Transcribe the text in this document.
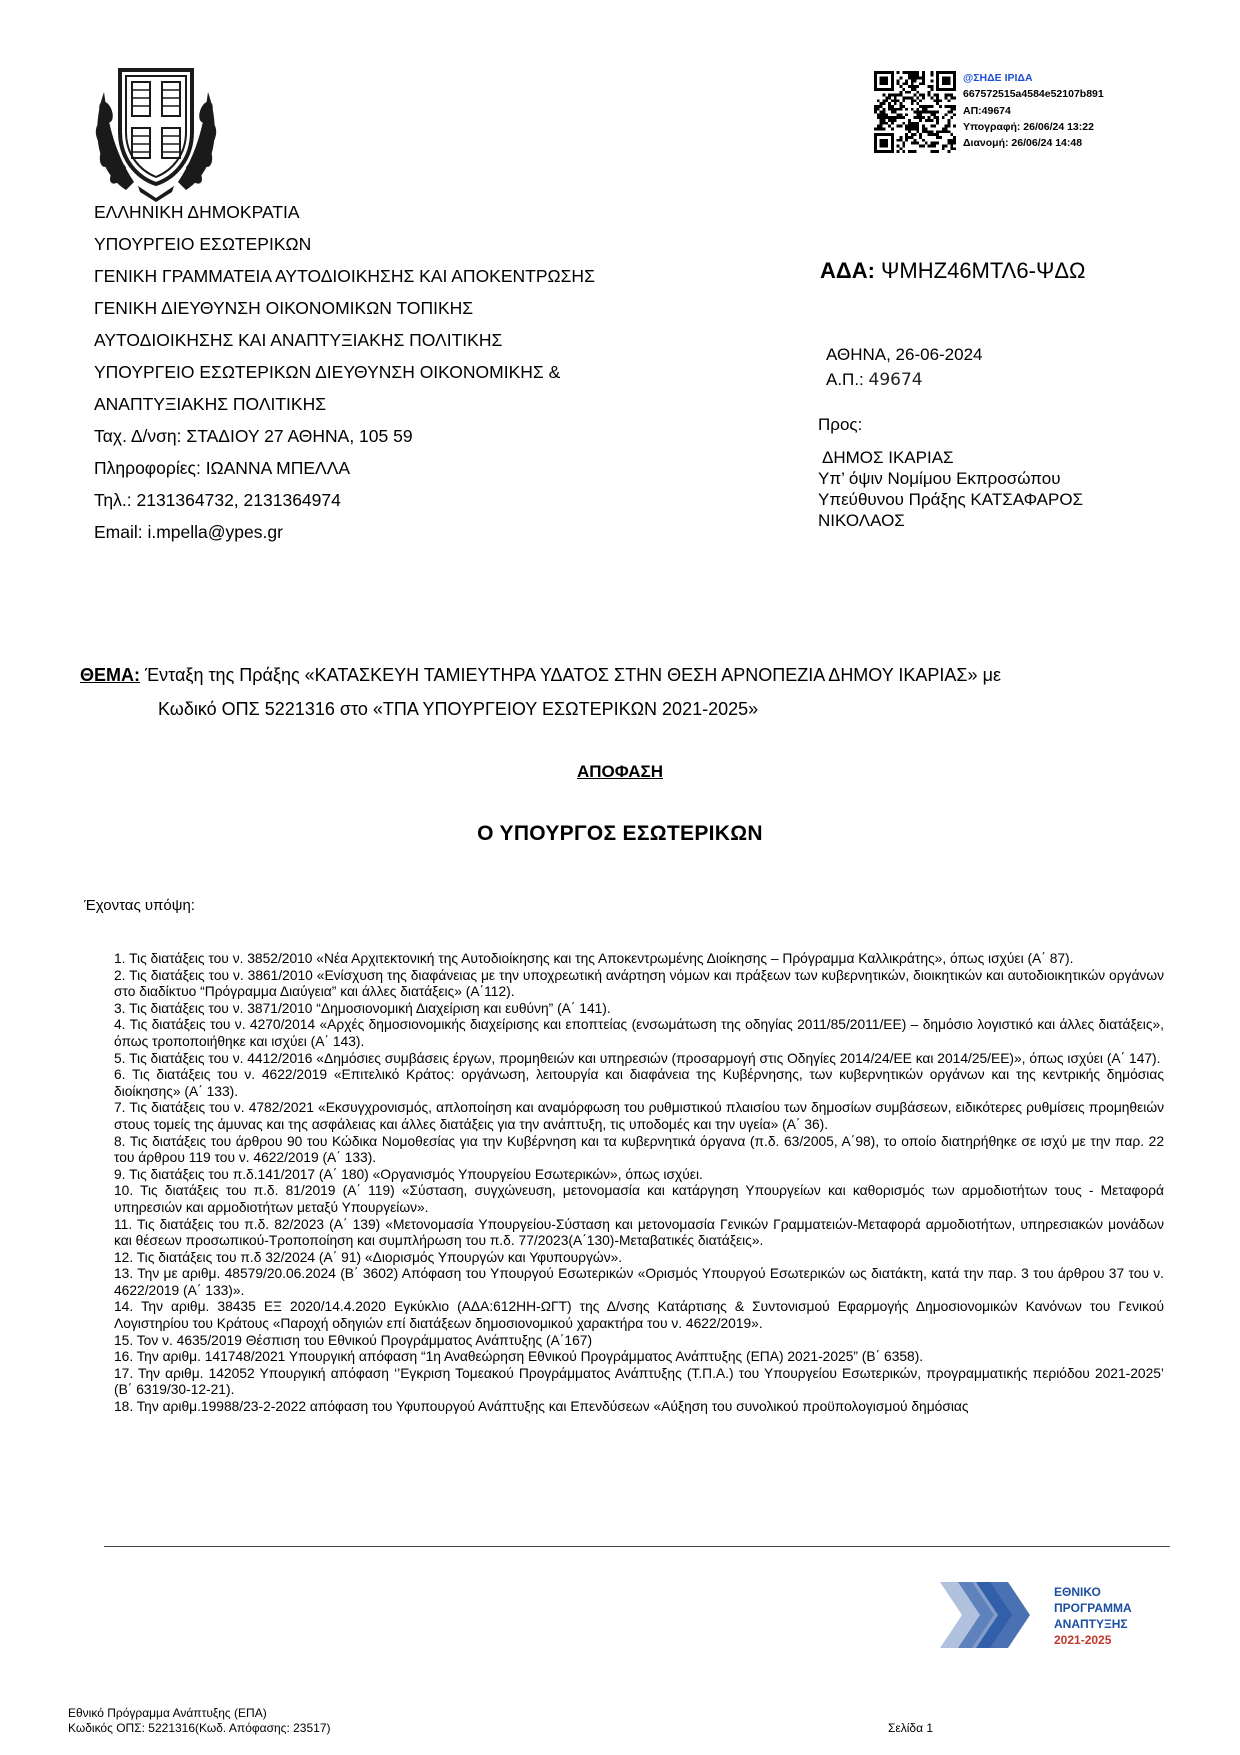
ΕΛΛΗΝΙΚΗ ΔΗΜΟΚΡΑΤΙΑ
ΥΠΟΥΡΓΕΙΟ ΕΣΩΤΕΡΙΚΩΝ
ΓΕΝΙΚΗ ΓΡΑΜΜΑΤΕΙΑ ΑΥΤΟΔΙΟΙΚΗΣΗΣ ΚΑΙ ΑΠΟΚΕΝΤΡΩΣΗΣ
ΓΕΝΙΚΗ ΔΙΕΥΘΥΝΣΗ ΟΙΚΟΝΟΜΙΚΩΝ ΤΟΠΙΚΗΣ
ΑΥΤΟΔΙΟΙΚΗΣΗΣ ΚΑΙ ΑΝΑΠΤΥΞΙΑΚΗΣ ΠΟΛΙΤΙΚΗΣ
ΥΠΟΥΡΓΕΙΟ ΕΣΩΤΕΡΙΚΩΝ ΔΙΕΥΘΥΝΣΗ ΟΙΚΟΝΟΜΙΚΗΣ &
ΑΝΑΠΤΥΞΙΑΚΗΣ ΠΟΛΙΤΙΚΗΣ
Ταχ. Δ/νση: ΣΤΑΔΙΟΥ 27 ΑΘΗΝΑ, 105 59
Πληροφορίες: ΙΩΑΝΝΑ ΜΠΕΛΛΑ
Τηλ.: 2131364732, 2131364974
Email: i.mpella@ypes.gr
@ΣΗΔΕ ΙΡΙΔΑ
667572515a4584e52107b891
ΑΠ:49674
Υπογραφή: 26/06/24 13:22
Διανομή: 26/06/24 14:48
ΑΔΑ: ΨΜΗΖ46ΜΤΛ6-ΨΔΩ
ΑΘΗΝΑ, 26-06-2024
Α.Π.: 49674
Προς:
ΔΗΜΟΣ ΙΚΑΡΙΑΣ
Υπ’ όψιν Νομίμου Εκπροσώπου
Υπεύθυνου Πράξης ΚΑΤΣΑΦΑΡΟΣ
ΝΙΚΟΛΑΟΣ
ΘΕΜΑ: Ένταξη της Πράξης «ΚΑΤΑΣΚΕΥΗ ΤΑΜΙΕΥΤΗΡΑ ΥΔΑΤΟΣ ΣΤΗΝ ΘΕΣΗ ΑΡΝΟΠΕΖΙΑ ΔΗΜΟΥ ΙΚΑΡΙΑΣ» με
Κωδικό ΟΠΣ 5221316 στο «ΤΠΑ ΥΠΟΥΡΓΕΙΟΥ ΕΣΩΤΕΡΙΚΩΝ 2021-2025»
ΑΠΟΦΑΣΗ
Ο ΥΠΟΥΡΓΟΣ ΕΣΩΤΕΡΙΚΩΝ
Έχοντας υπόψη:

1. Τις διατάξεις του ν. 3852/2010 «Νέα Αρχιτεκτονική της Αυτοδιοίκησης και της Αποκεντρωμένης Διοίκησης – Πρόγραμμα Καλλικράτης», όπως ισχύει (Α΄ 87).

2. Τις διατάξεις του ν. 3861/2010 «Ενίσχυση της διαφάνειας με την υποχρεωτική ανάρτηση νόμων και πράξεων των κυβερνητικών, διοικητικών και αυτοδιοικητικών οργάνων στο διαδίκτυο “Πρόγραμμα Διαύγεια” και άλλες διατάξεις» (Α΄112).

3. Τις διατάξεις του ν. 3871/2010 “Δημοσιονομική Διαχείριση και ευθύνη” (Α΄ 141).

4. Τις διατάξεις του ν. 4270/2014 «Αρχές δημοσιονομικής διαχείρισης και εποπτείας (ενσωμάτωση της οδηγίας 2011/85/2011/ΕΕ) – δημόσιο λογιστικό και άλλες διατάξεις», όπως τροποποιήθηκε και ισχύει (Α΄ 143).

5. Τις διατάξεις του ν. 4412/2016 «Δημόσιες συμβάσεις έργων, προμηθειών και υπηρεσιών (προσαρμογή στις Οδηγίες 2014/24/ΕΕ και 2014/25/ΕΕ)», όπως ισχύει (Α΄ 147).

6. Τις διατάξεις του ν. 4622/2019 «Επιτελικό Κράτος: οργάνωση, λειτουργία και διαφάνεια της Κυβέρνησης, των κυβερνητικών οργάνων και της κεντρικής δημόσιας διοίκησης» (Α΄ 133).

7. Τις διατάξεις του ν. 4782/2021 «Εκσυγχρονισμός, απλοποίηση και αναμόρφωση του ρυθμιστικού πλαισίου των δημοσίων συμβάσεων, ειδικότερες ρυθμίσεις προμηθειών στους τομείς της άμυνας και της ασφάλειας και άλλες διατάξεις για την ανάπτυξη, τις υποδομές και την υγεία» (Α΄ 36).

8. Τις διατάξεις του άρθρου 90 του Κώδικα Νομοθεσίας για την Κυβέρνηση και τα κυβερνητικά όργανα (π.δ. 63/2005, Α΄98), το οποίο διατηρήθηκε σε ισχύ με την παρ. 22 του άρθρου 119 του ν. 4622/2019 (Α΄ 133).

9. Τις διατάξεις του π.δ.141/2017 (Α΄ 180) «Οργανισμός Υπουργείου Εσωτερικών», όπως ισχύει.

10. Τις διατάξεις του π.δ. 81/2019 (Α΄ 119) «Σύσταση, συγχώνευση, μετονομασία και κατάργηση Υπουργείων και καθορισμός των αρμοδιοτήτων τους - Μεταφορά υπηρεσιών και αρμοδιοτήτων μεταξύ Υπουργείων».

11. Τις διατάξεις του π.δ. 82/2023 (Α΄ 139) «Μετονομασία Υπουργείου-Σύσταση και μετονομασία Γενικών Γραμματειών-Μεταφορά αρμοδιοτήτων, υπηρεσιακών μονάδων και θέσεων προσωπικού-Τροποποίηση και συμπλήρωση του π.δ. 77/2023(Α΄130)-Μεταβατικές διατάξεις».

12. Τις διατάξεις του π.δ 32/2024 (Α΄ 91) «Διορισμός Υπουργών και Υφυπουργών».

13. Την με αριθμ. 48579/20.06.2024 (Β΄ 3602) Απόφαση του Υπουργού Εσωτερικών «Ορισμός Υπουργού Εσωτερικών ως διατάκτη, κατά την παρ. 3 του άρθρου 37 του ν. 4622/2019 (Α΄ 133)».

14. Την αριθμ. 38435 ΕΞ 2020/14.4.2020 Εγκύκλιο (ΑΔΑ:612ΗΗ-ΩΓΤ) της Δ/νσης Κατάρτισης & Συντονισμού Εφαρμογής Δημοσιονομικών Κανόνων του Γενικού Λογιστηρίου του Κράτους «Παροχή οδηγιών επί διατάξεων δημοσιονομικού χαρακτήρα του ν. 4622/2019».

15. Τον ν. 4635/2019 Θέσπιση του Εθνικού Προγράμματος Ανάπτυξης (Α΄167)

16. Την αριθμ. 141748/2021 Υπουργική απόφαση “1η Αναθεώρηση Εθνικού Προγράμματος Ανάπτυξης (ΕΠΑ) 2021-2025” (Β΄ 6358).

17. Την αριθμ. 142052 Υπουργική απόφαση ‘’Εγκριση Τομεακού Προγράμματος Ανάπτυξης (Τ.Π.Α.) του Υπουργείου Εσωτερικών, προγραμματικής περιόδου 2021-2025’ (Β΄ 6319/30-12-21).

18. Την αριθμ.19988/23-2-2022 απόφαση του Υφυπουργού Ανάπτυξης και Επενδύσεων «Αύξηση του συνολικού προϋπολογισμού δημόσιας

ΕΘΝΙΚΟ
ΠΡΟΓΡΑΜΜΑ
ΑΝΑΠΤΥΞΗΣ
2021-2025
Εθνικό Πρόγραμμα Ανάπτυξης (ΕΠΑ)
Κωδικός ΟΠΣ: 5221316(Κωδ. Απόφασης: 23517)	Σελίδα 1
